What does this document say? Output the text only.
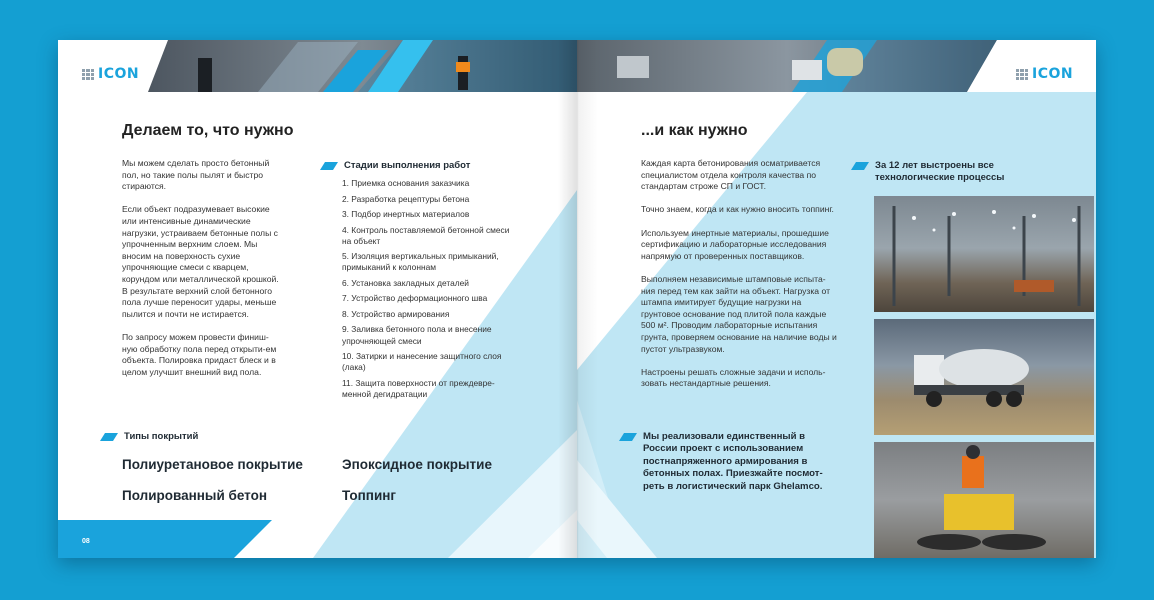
ICON
Делаем то, что нужно

Мы можем сделать просто бетонный пол, но такие полы пылят и быстро стираются.

Если объект подразумевает высокие или интенсивные динамические нагрузки, устраиваем бетонные полы с упрочненным верхним слоем. Мы вносим на поверхность сухие упрочняющие смеси с кварцем, корундом или металлической крошкой. В результате верхний слой бетонного пола лучше переносит удары, меньше пылится и почти не истирается.

По запросу можем провести финиш-ную обработку пола перед открыти-ем объекта. Полировка придаст блеск и в целом улучшит внешний вид пола.

Стадии выполнения работ
1. Приемка основания заказчика
2. Разработка рецептуры бетона
3. Подбор инертных материалов
4. Контроль поставляемой бетонной смеси на объект
5. Изоляция вертикальных примыканий, примыканий к колоннам
6. Установка закладных деталей
7. Устройство деформационного шва
8. Устройство армирования
9. Заливка бетонного пола и внесение упрочняющей смеси
10. Затирки и нанесение защитного слоя (лака)
11. Защита поверхности от преждевре-менной дегидратации
Типы покрытий
Полиуретановое покрытие	Эпоксидное покрытие
Полированный бетон	Топпинг
08
ICON
...и как нужно

Каждая карта бетонирования осматривается специалистом отдела контроля качества по стандартам строже СП и ГОСТ.

Точно знаем, когда и как нужно вносить топпинг.

Используем инертные материалы, прошедшие сертификацию и лабораторные исследования напрямую от проверенных поставщиков.

Выполняем независимые штамповые испыта-ния перед тем как зайти на объект. Нагрузка от штампа имитирует будущие нагрузки на грунтовое основание под плитой пола каждые 500 м². Проводим лабораторные испытания грунта, проверяем основание на наличие воды и пустот ультразвуком.

Настроены решать сложные задачи и исполь-зовать нестандартные решения.

Мы реализовали единственный в России проект с использованием постнапряженного армирования в бетонных полах. Приезжайте посмот-реть в логистический парк Ghelamco.
За 12 лет выстроены все технологические процессы
